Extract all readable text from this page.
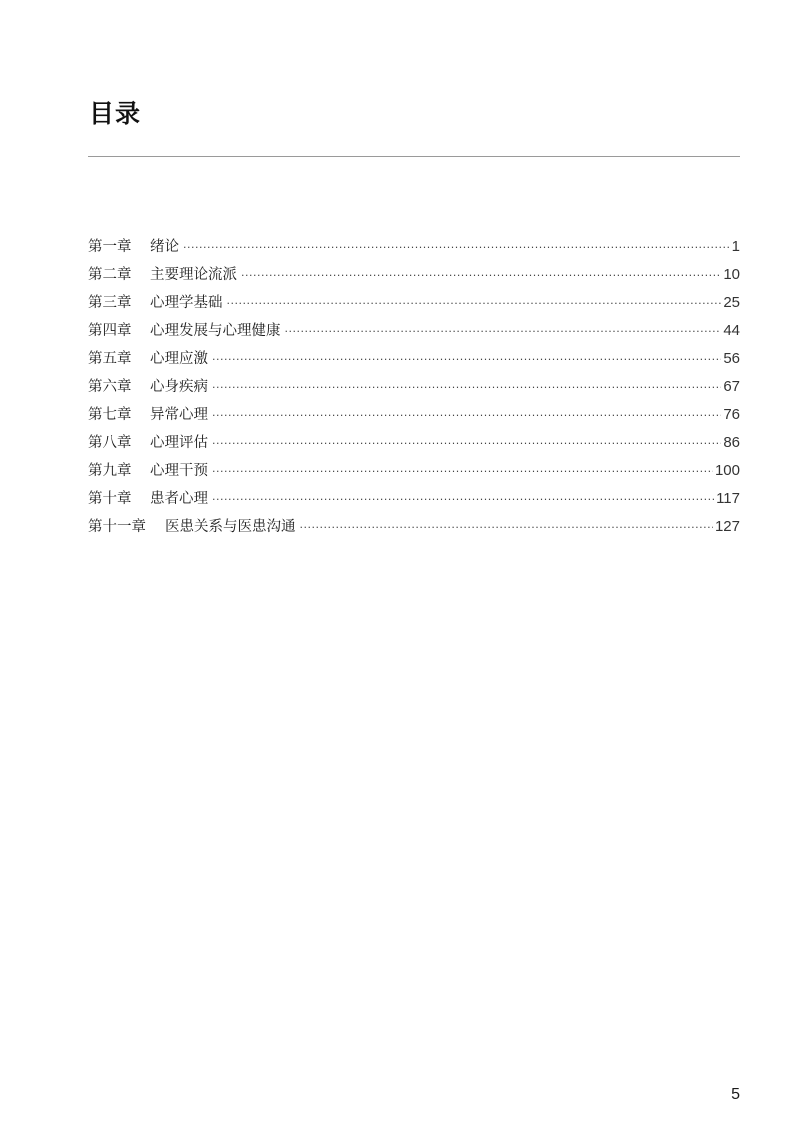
目录
第一章	绪论 ·····	1
第二章	主要理论流派 ·····	10
第三章	心理学基础 ·····	25
第四章	心理发展与心理健康 ·····	44
第五章	心理应激 ·····	56
第六章	心身疾病 ·····	67
第七章	异常心理 ·····	76
第八章	心理评估 ·····	86
第九章	心理干预 ·····	100
第十章	患者心理 ·····	117
第十一章	医患关系与医患沟通 ·····	127
5
